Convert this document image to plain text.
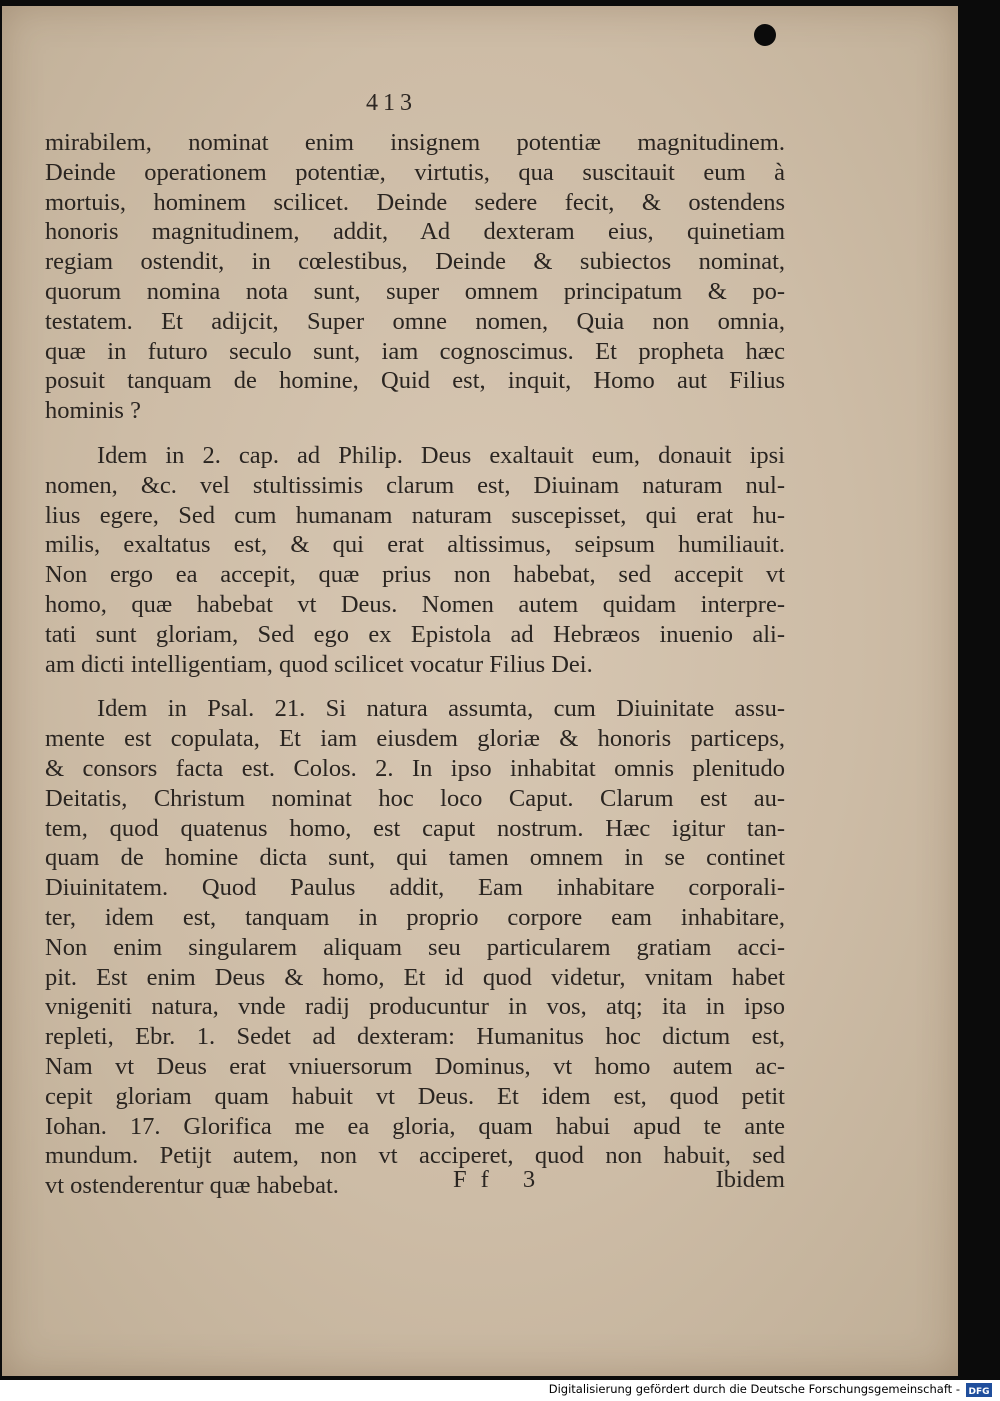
413
mirabilem, nominat enim insignem potentiæ magnitudinem.
Deinde operationem potentiæ, virtutis, qua suscitauit eum à
mortuis, hominem scilicet. Deinde sedere fecit, & ostendens
honoris magnitudinem, addit, Ad dexteram eius, quinetiam
regiam ostendit, in cœlestibus, Deinde & subiectos nominat,
quorum nomina nota sunt, super omnem principatum & po-
testatem. Et adijcit, Super omne nomen, Quia non omnia,
quæ in futuro seculo sunt, iam cognoscimus. Et propheta hæc
posuit tanquam de homine, Quid est, inquit, Homo aut Filius
hominis ?
Idem in 2. cap. ad Philip. Deus exaltauit eum, donauit ipsi
nomen, &c. vel stultissimis clarum est, Diuinam naturam nul-
lius egere, Sed cum humanam naturam suscepisset, qui erat hu-
milis, exaltatus est, & qui erat altissimus, seipsum humiliauit.
Non ergo ea accepit, quæ prius non habebat, sed accepit vt
homo, quæ habebat vt Deus. Nomen autem quidam interpre-
tati sunt gloriam, Sed ego ex Epistola ad Hebræos inuenio ali-
am dicti intelligentiam, quod scilicet vocatur Filius Dei.
Idem in Psal. 21. Si natura assumta, cum Diuinitate assu-
mente est copulata, Et iam eiusdem gloriæ & honoris particeps,
& consors facta est. Colos. 2. In ipso inhabitat omnis plenitudo
Deitatis, Christum nominat hoc loco Caput. Clarum est au-
tem, quod quatenus homo, est caput nostrum. Hæc igitur tan-
quam de homine dicta sunt, qui tamen omnem in se continet
Diuinitatem. Quod Paulus addit, Eam inhabitare corporali-
ter, idem est, tanquam in proprio corpore eam inhabitare,
Non enim singularem aliquam seu particularem gratiam acci-
pit. Est enim Deus & homo, Et id quod videtur, vnitam habet
vnigeniti natura, vnde radij producuntur in vos, atq; ita in ipso
repleti, Ebr. 1. Sedet ad dexteram: Humanitus hoc dictum est,
Nam vt Deus erat vniuersorum Dominus, vt homo autem ac-
cepit gloriam quam habuit vt Deus. Et idem est, quod petit
Iohan. 17. Glorifica me ea gloria, quam habui apud te ante
mundum. Petijt autem, non vt acciperet, quod non habuit, sed
vt ostenderentur quæ habebat.	Ff 3	Ibidem
Digitalisierung gefördert durch die Deutsche Forschungsgemeinschaft - DFG
